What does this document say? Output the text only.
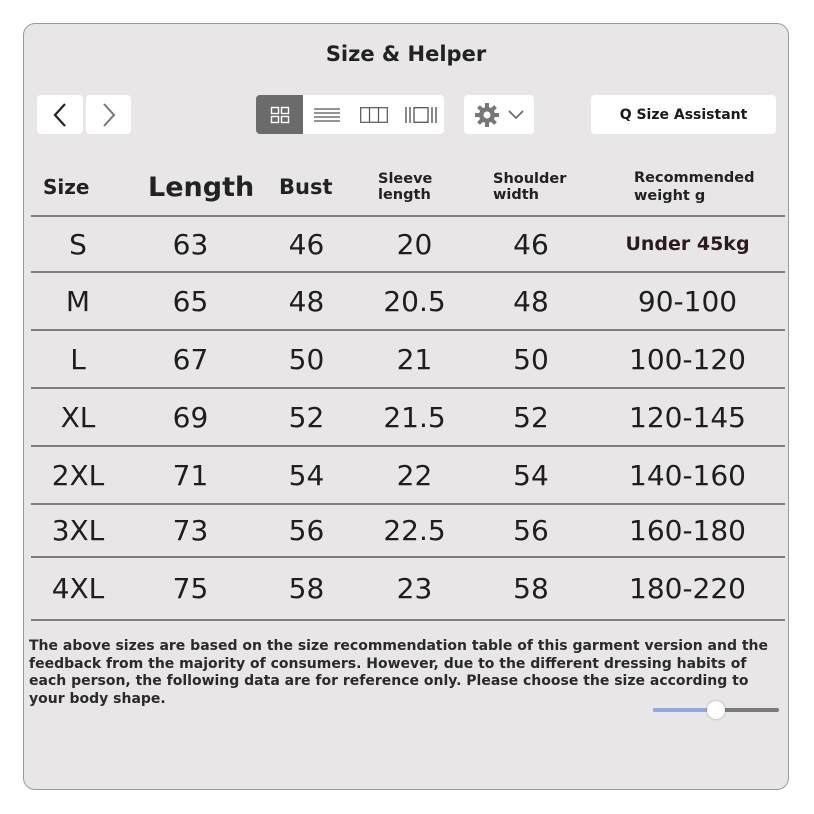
Size & Helper
Q Size Assistant
Size	Length	Bust	Sleeve length	Shoulder width	Recommended
weight g
S	63	46	20	46	Under 45kg
M	65	48	20.5	48	90-100
L	67	50	21	50	100-120
XL	69	52	21.5	52	120-145
2XL	71	54	22	54	140-160
3XL	73	56	22.5	56	160-180
4XL	75	58	23	58	180-220
The above sizes are based on the size recommendation table of this garment version and the feedback from the majority of consumers. However, due to the different dressing habits of each person, the following data are for reference only. Please choose the size according to your body shape.
